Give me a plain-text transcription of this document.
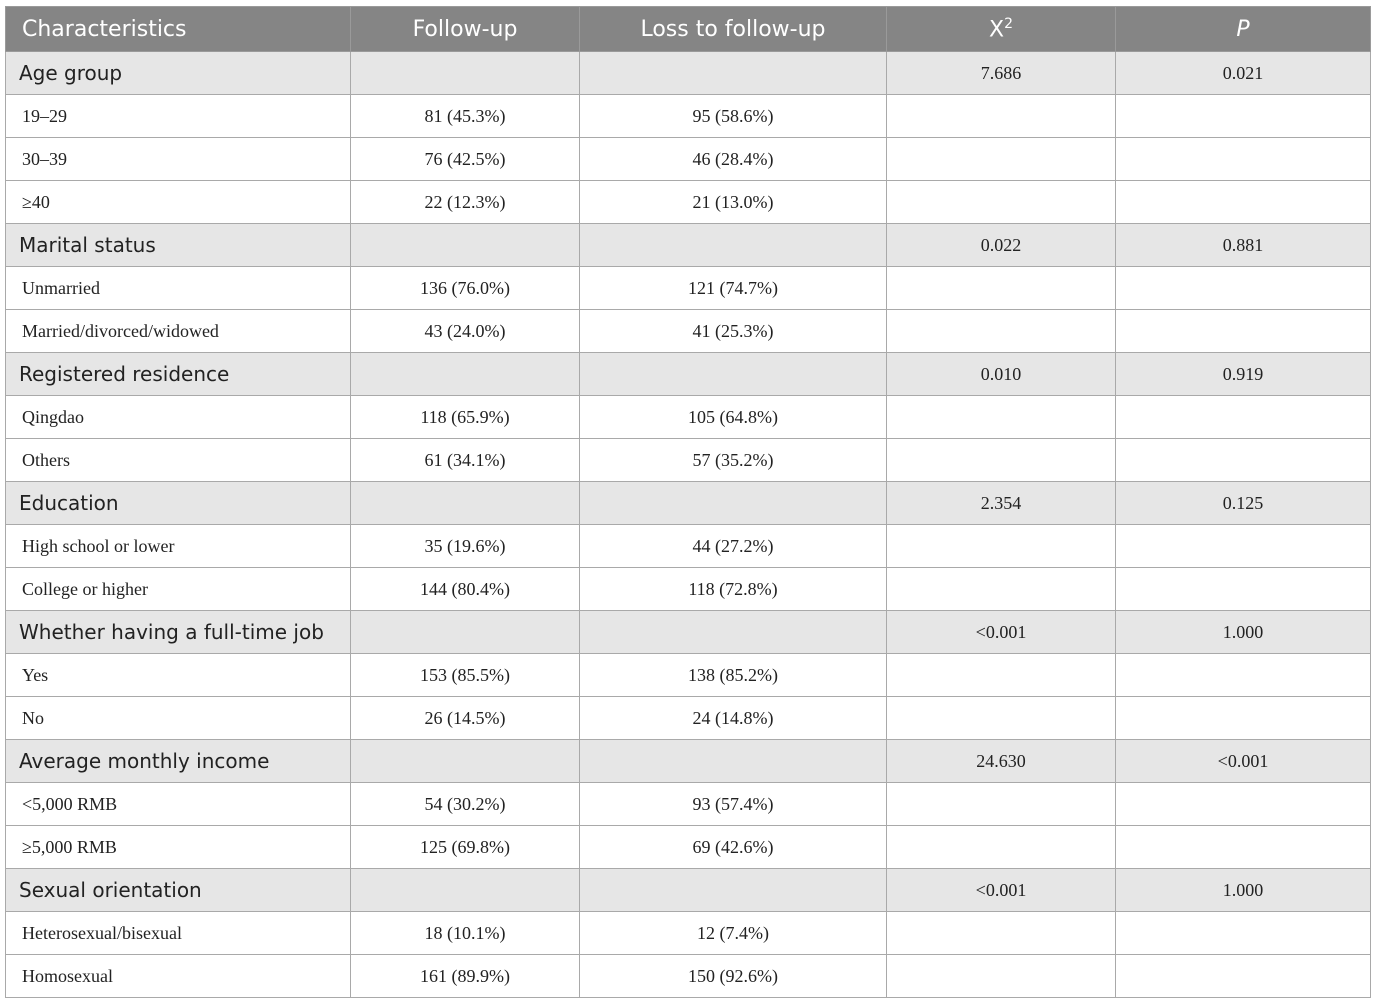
Characteristics	Follow-up	Loss to follow-up	$X^2$	P
Age group			7.686	0.021
19–29	81 (45.3%)	95 (58.6%)		
30–39	76 (42.5%)	46 (28.4%)		
≥40	22 (12.3%)	21 (13.0%)		
Marital status			0.022	0.881
Unmarried	136 (76.0%)	121 (74.7%)		
Married/divorced/widowed	43 (24.0%)	41 (25.3%)		
Registered residence			0.010	0.919
Qingdao	118 (65.9%)	105 (64.8%)		
Others	61 (34.1%)	57 (35.2%)		
Education			2.354	0.125
High school or lower	35 (19.6%)	44 (27.2%)		
College or higher	144 (80.4%)	118 (72.8%)		
Whether having a full-time job			<0.001	1.000
Yes	153 (85.5%)	138 (85.2%)		
No	26 (14.5%)	24 (14.8%)		
Average monthly income			24.630	<0.001
<5,000 RMB	54 (30.2%)	93 (57.4%)		
≥5,000 RMB	125 (69.8%)	69 (42.6%)		
Sexual orientation			<0.001	1.000
Heterosexual/bisexual	18 (10.1%)	12 (7.4%)		
Homosexual	161 (89.9%)	150 (92.6%)		
